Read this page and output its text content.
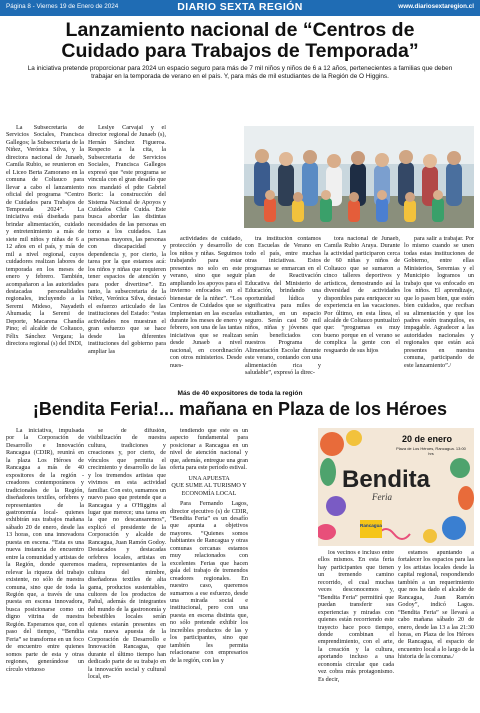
Página 8 - Viernes 19 de Enero de 2024	DIARIO SEXTA REGIÓN	www.diariosextaregion.cl
Lanzamiento nacional de “Centros de
Cuidado para Trabajos de Temporada”
La iniciativa pretende proporcionar para 2024 un espacio seguro para más de 7 mil niños y niños de 6 a 12 años, pertenecientes a familias que deben trabajar en la temporada de verano en el país. Y, para más de mil estudiantes de la Región de O Higgins.

La Subsecretaria de Servicios Sociales, Francisca Gallegos; la Subsecretaria de la Niñez, Verónica Silva, y la directora nacional de Junaeb, Camila Rubio, se reunieron en el Liceo Berta Zamorano en la comuna de Coltauco para llevar a cabo el lanzamiento oficial del programa “Centro de Cuidados para Trabajos de Temporada 2024”. La iniciativa está diseñada para brindar alimentación, cuidado y entretenimiento a más de siete mil niños y niñas de 6 a 12 años en el país, y más de mil a nivel regional, cuyos cuidadores realizan labores de temporada en los meses de enero y febrero. También, acompañaron a las autoridades destacadas personalidades regionales, incluyendo a la Seremi Mideso, Nayadeth Ahumada; la Seremi de Deporte, Macarena Chandía Pino; el alcalde de Coltauco, Félix Sánchez Vergara; la directora regional (s) del INDI,

Leslye Carvajal y el director regional de Junaeb (s), Hernán Sánchez Figueroa. Respecto a la cita, la Subsecretaria de Servicios Sociales, Francisca Gallegos expresó que “este programa se vincula con el gran desafío que nos mandató el pdte Gabriel Boric: la construcción del Sistema Nacional de Apoyos y Cuidados Chile Cuida. Este busca abordar las distintas necesidades de las personas en torno a los cuidados. Las personas mayores, las personas con discapacidad y dependencia y, por cierto, la tarea por la que estamos acá: los niños y niñas que requieren tener espacios de atención y para poder divertirse”. En tanto, la subsecretaria de la Niñez, Verónica Silva, destacó el esfuerzo articulado de las instituciones del Estado: “estas actividades nos muestran el gran esfuerzo que se hace desde las diferentes instituciones del gobierno para ampliar las

actividades de cuidado, protección y desarrollo de los niños y niñas. Seguimos trabajando para estar presentes no solo en este verano, sino que seguir ampliando los apoyos para el invierno enfocados en el bienestar de la niñez”. “Los Centros de Cuidados que se implementan en las escuelas durante los meses de enero y febrero, son una de las tantas iniciativas que se realizan desde Junaeb a nivel nacional, en coordinación con otros ministerios. Desde nues-

tra institución contamos con Escuelas de Verano en todo el país, entre muchas otras iniciativas. Estos programas se enmarcan en el plan de Reactivación Educativa del Ministerio de Educación, brindando una oportunidad lúdica y significativa para miles de estudiantes, en un espacio seguro. Serán casi 50 mil niños, niñas y jóvenes que serán beneficiados con nuestros Programa de Alimentación Escolar durante este verano, contando con una alimentación rica y saludable”, expresó la direc-

tora nacional de Junaeb, Camila Rubio Araya. Durante la actividad participaron cerca de 60 niñas y niños de Coltauco que se sumaron a cinco talleres deportivos y artísticos, demostrando así la diversidad de actividades disponibles para enriquecer su experiencia en las vacaciones. Por último, en esta línea, el alcalde de Coltauco puntualizó que: “programas es muy bueno porque en el verano se complica la gente con el resguardo de sus hijos

para salir a trabajar. Por lo mismo cuando se unen todas estas instituciones de Gobierno, entre ellas Ministerios, Seremias y el Municipio logramos un trabajo que va enfocado en los niños. El aprendizaje, que lo pasen bien, que estén bien cuidados, que reciban su alimentación y que los padres estén tranquilos, es impagable. Agradecer a las autoridades nacionales y regionales que están acá presentes en nuestra comuna, participando de este lanzamiento”./

Más de 40 expositores de toda la región
¡Bendita Feria!... mañana en Plaza de los Héroes

La iniciativa, impulsada por la Corporación de Desarrollo e Innovación Rancagua (CDIR), reunirá en la plaza Los Héroes de Rancagua a más de 40 expositores de la región -creadores contemporáneos y tradicionales de la Región, diseñadores textiles, orfebres y representantes de la gastronomía local- quienes exhibirán sus trabajos mañana sábado 20 de enero, desde las 13 horas, con una innovadora puesta en escena. “Esta es una nueva instancia de encuentro entre la comunidad y artistas de la Región, donde queremos relevar la riqueza del trabajo existente, no sólo de nuestra comuna, sino que de toda la Región que, a través de una puesta en escena innovadora, busca posicionarse como un digno vitrina de nuestra Región. Esperamos que, con el paso del tiempo, “Bendita Feria” se transforme en un foco de encuentro entre quienes somos parte de esta y otras regiones, generándose un círculo virtuoso

se de difusión, visibilización de nuestra cultura, tradiciones y creaciones y, por cierto, de vínculos que permita el crecimiento y desarrollo de las y los tremendos artistas que vivimos en esta actividad familiar. Con esto, sumamos un nuevo paso que pretende que a Rancagua y a O'Higgins al lugar que merece; una tarea en la que no descansaremos”, explicó el presidente de la Corporación y alcalde de Rancagua, Juan Ramón Godoy. Destacados y destacadas orfebres locales, artistas en madera, representantes de la cultura del mimbre, diseñadoras textiles de alta gama, productos sustentables, cultores de los productos de Pañul, además de integrantes del mundo de la gastronomía y bebestibles locales serán quienes estarán presentes en esta nueva apuesta de la Corporación de Desarrollo e Innovación Rancagua, que durante el último tiempo han dedicado parte de su trabajo en la innovación social y cultural local, en-

tendiendo que este es un aspecto fundamental para posicionar a Rancagua en un nivel de atención nacional y que, además, entregue una gran oferta para este período estival.

UNA APUESTA
QUE SUME AL TURISMO Y
ECONOMÍA LOCAL

Para Fernando Lagos, director ejecutivo (s) de CDIR, “Bendita Feria” es un desafío que apunta a objetivos mayores. “Quienes somos habitantes de Rancagua y otras comunas cercanas estamos muy relacionados con excelentes Ferias que hacen gala del trabajo de tremendos creadores regionales. En nuestro caso, queremos sumarnos a ese esfuerzo, desde una mirada social e institucional, pero con una puesta en escena distinta que, no sólo pretende exhibir los increíbles productos de las y los participantes, sino que también les permita relacionarse con empresarios de la región, con las y

20 de enero
Plaza de Los Héroes, Rancagua. 13:00 hrs
Bendita
Feria
Rancagua

los vecinos e incluso entre ellos mismos. En esta feria hay participantes que tienen un tremendo camino recorrido, el cual muchas veces desconocemos y, “Bendita Feria” permitirá que puedan transferir sus experiencias y miradas con quienes están recorriendo este trayecto hace poco tiempo, donde combinan el emprendimiento, con el arte, la creación y la cultura, aportando incluso a una economía circular que cada vez cobra más protagonismo. Es decir,

estamos apuntando a fortalecer los espacios para las y los artistas locales desde la capital regional, respondiendo también a un requerimiento que nos ha dado el alcalde de Rancagua, Juan Ramón Godoy”, indicó Lagos. “Bendita Feria” se llevará a cabo mañana sábado 20 de enero, desde las 13 a las 21:30 horas, en Plaza de los Héroes de Rancagua, el espacio de encuentro local a lo largo de la historia de la comuna./
